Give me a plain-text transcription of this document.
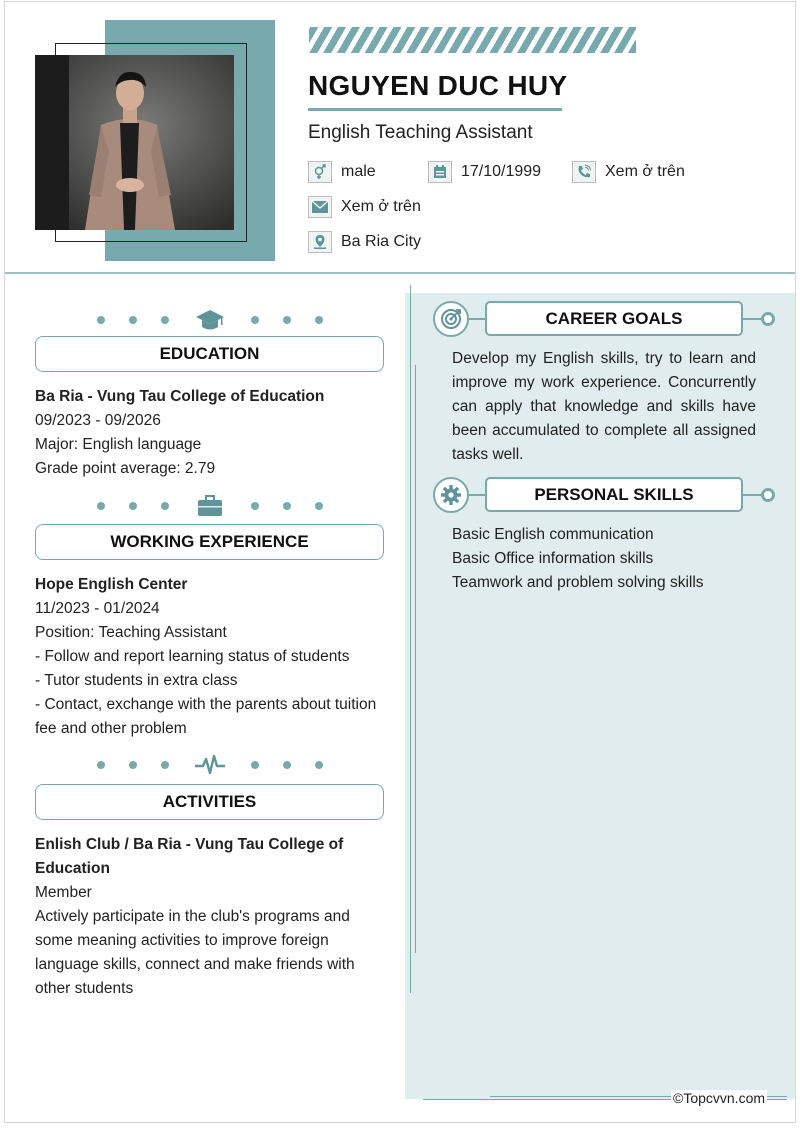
NGUYEN DUC HUY
English Teaching Assistant
male	17/10/1999	Xem ở trên
Xem ở trên
Ba Ria City
EDUCATION
Ba Ria - Vung Tau College of Education
09/2023 - 09/2026
Major: English language
Grade point average: 2.79
WORKING EXPERIENCE
Hope English Center
11/2023 - 01/2024
Position: Teaching Assistant
- Follow and report learning status of students
- Tutor students in extra class
- Contact, exchange with the parents about tuition fee and other problem
ACTIVITIES
Enlish Club / Ba Ria - Vung Tau College of Education
Member
Actively participate in the club's programs and some meaning activities to improve foreign language skills, connect and make friends with other students
CAREER GOALS
Develop my English skills, try to learn and improve my work experience. Concurrently can apply that knowledge and skills have been accumulated to complete all assigned tasks well.
PERSONAL SKILLS
Basic English communication
Basic Office information skills
Teamwork and problem solving skills
©Topcvvn.com
